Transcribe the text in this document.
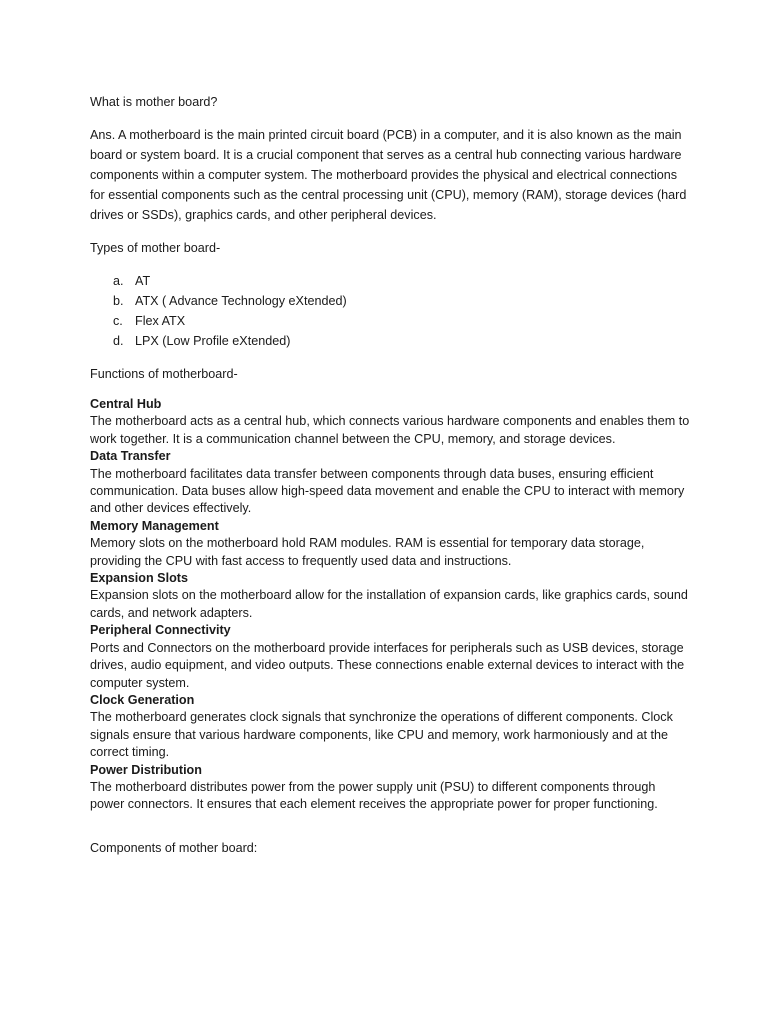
What is mother board?

Ans. A motherboard is the main printed circuit board (PCB) in a computer, and it is also known as the main board or system board. It is a crucial component that serves as a central hub connecting various hardware components within a computer system. The motherboard provides the physical and electrical connections for essential components such as the central processing unit (CPU), memory (RAM), storage devices (hard drives or SSDs), graphics cards, and other peripheral devices.

Types of mother board-

a. AT
b. ATX ( Advance Technology eXtended)
c. Flex ATX
d. LPX (Low Profile eXtended)

Functions of motherboard-

Central Hub

The motherboard acts as a central hub, which connects various hardware components and enables them to work together. It is a communication channel between the CPU, memory, and storage devices.

Data Transfer

The motherboard facilitates data transfer between components through data buses, ensuring efficient communication. Data buses allow high-speed data movement and enable the CPU to interact with memory and other devices effectively.

Memory Management

Memory slots on the motherboard hold RAM modules. RAM is essential for temporary data storage, providing the CPU with fast access to frequently used data and instructions.

Expansion Slots

Expansion slots on the motherboard allow for the installation of expansion cards, like graphics cards, sound cards, and network adapters.

Peripheral Connectivity

Ports and Connectors on the motherboard provide interfaces for peripherals such as USB devices, storage drives, audio equipment, and video outputs. These connections enable external devices to interact with the computer system.

Clock Generation

The motherboard generates clock signals that synchronize the operations of different components. Clock signals ensure that various hardware components, like CPU and memory, work harmoniously and at the correct timing.

Power Distribution

The motherboard distributes power from the power supply unit (PSU) to different components through power connectors. It ensures that each element receives the appropriate power for proper functioning.

Components of mother board:
